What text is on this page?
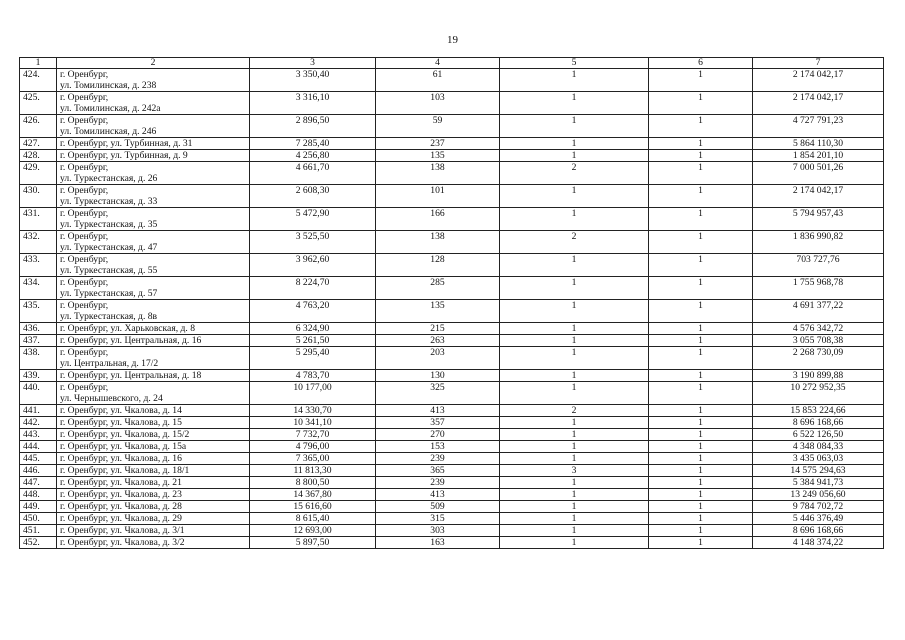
19
1	2	3	4	5	6	7
424.	г. Оренбург,
ул. Томилинская, д. 238	3 350,40	61	1	1	2 174 042,17
425.	г. Оренбург,
ул. Томилинская, д. 242а	3 316,10	103	1	1	2 174 042,17
426.	г. Оренбург,
ул. Томилинская, д. 246	2 896,50	59	1	1	4 727 791,23
427.	г. Оренбург, ул. Турбинная, д. 31	7 285,40	237	1	1	5 864 110,30
428.	г. Оренбург, ул. Турбинная, д. 9	4 256,80	135	1	1	1 854 201,10
429.	г. Оренбург,
ул. Туркестанская, д. 26	4 661,70	138	2	1	7 000 501,26
430.	г. Оренбург,
ул. Туркестанская, д. 33	2 608,30	101	1	1	2 174 042,17
431.	г. Оренбург,
ул. Туркестанская, д. 35	5 472,90	166	1	1	5 794 957,43
432.	г. Оренбург,
ул. Туркестанская, д. 47	3 525,50	138	2	1	1 836 990,82
433.	г. Оренбург,
ул. Туркестанская, д. 55	3 962,60	128	1	1	703 727,76
434.	г. Оренбург,
ул. Туркестанская, д. 57	8 224,70	285	1	1	1 755 968,78
435.	г. Оренбург,
ул. Туркестанская, д. 8в	4 763,20	135	1	1	4 691 377,22
436.	г. Оренбург, ул. Харьковская, д. 8	6 324,90	215	1	1	4 576 342,72
437.	г. Оренбург, ул. Центральная, д. 16	5 261,50	263	1	1	3 055 708,38
438.	г. Оренбург,
ул. Центральная, д. 17/2	5 295,40	203	1	1	2 268 730,09
439.	г. Оренбург, ул. Центральная, д. 18	4 783,70	130	1	1	3 190 899,88
440.	г. Оренбург,
ул. Чернышевского, д. 24	10 177,00	325	1	1	10 272 952,35
441.	г. Оренбург, ул. Чкалова, д. 14	14 330,70	413	2	1	15 853 224,66
442.	г. Оренбург, ул. Чкалова, д. 15	10 341,10	357	1	1	8 696 168,66
443.	г. Оренбург, ул. Чкалова, д. 15/2	7 732,70	270	1	1	6 522 126,50
444.	г. Оренбург, ул. Чкалова, д. 15а	4 796,00	153	1	1	4 348 084,33
445.	г. Оренбург, ул. Чкалова, д. 16	7 365,00	239	1	1	3 435 063,03
446.	г. Оренбург, ул. Чкалова, д. 18/1	11 813,30	365	3	1	14 575 294,63
447.	г. Оренбург, ул. Чкалова, д. 21	8 800,50	239	1	1	5 384 941,73
448.	г. Оренбург, ул. Чкалова, д. 23	14 367,80	413	1	1	13 249 056,60
449.	г. Оренбург, ул. Чкалова, д. 28	15 616,60	509	1	1	9 784 702,72
450.	г. Оренбург, ул. Чкалова, д. 29	8 615,40	315	1	1	5 446 376,49
451.	г. Оренбург, ул. Чкалова, д. 3/1	12 693,00	303	1	1	8 696 168,66
452.	г. Оренбург, ул. Чкалова, д. 3/2	5 897,50	163	1	1	4 148 374,22
